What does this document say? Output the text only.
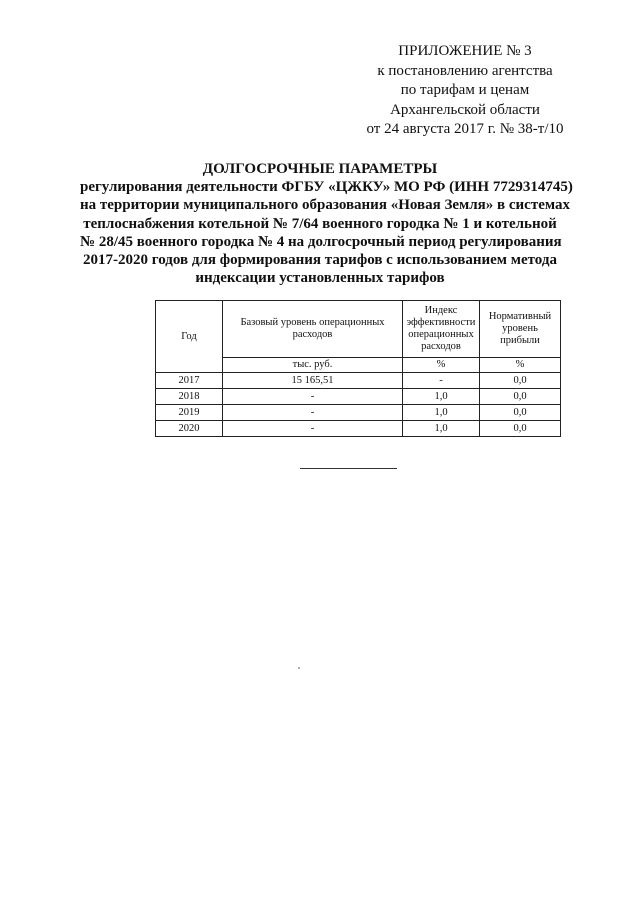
ПРИЛОЖЕНИЕ № 3
к постановлению агентства
по тарифам и ценам
Архангельской области
от 24 августа 2017 г. № 38-т/10
ДОЛГОСРОЧНЫЕ ПАРАМЕТРЫ
регулирования деятельности ФГБУ «ЦЖКУ» МО РФ (ИНН 7729314745)
на территории муниципального образования «Новая Земля» в системах
теплоснабжения котельной № 7/64 военного городка № 1 и котельной
№ 28/45 военного городка № 4 на долгосрочный период регулирования
2017-2020 годов для формирования тарифов с использованием метода
индексации установленных тарифов
Год	Базовый уровень операционных расходов	Индекс эффективности операционных расходов	Нормативный уровень прибыли
	тыс. руб.	%	%
2017	15 165,51	-	0,0
2018	-	1,0	0,0
2019	-	1,0	0,0
2020	-	1,0	0,0
